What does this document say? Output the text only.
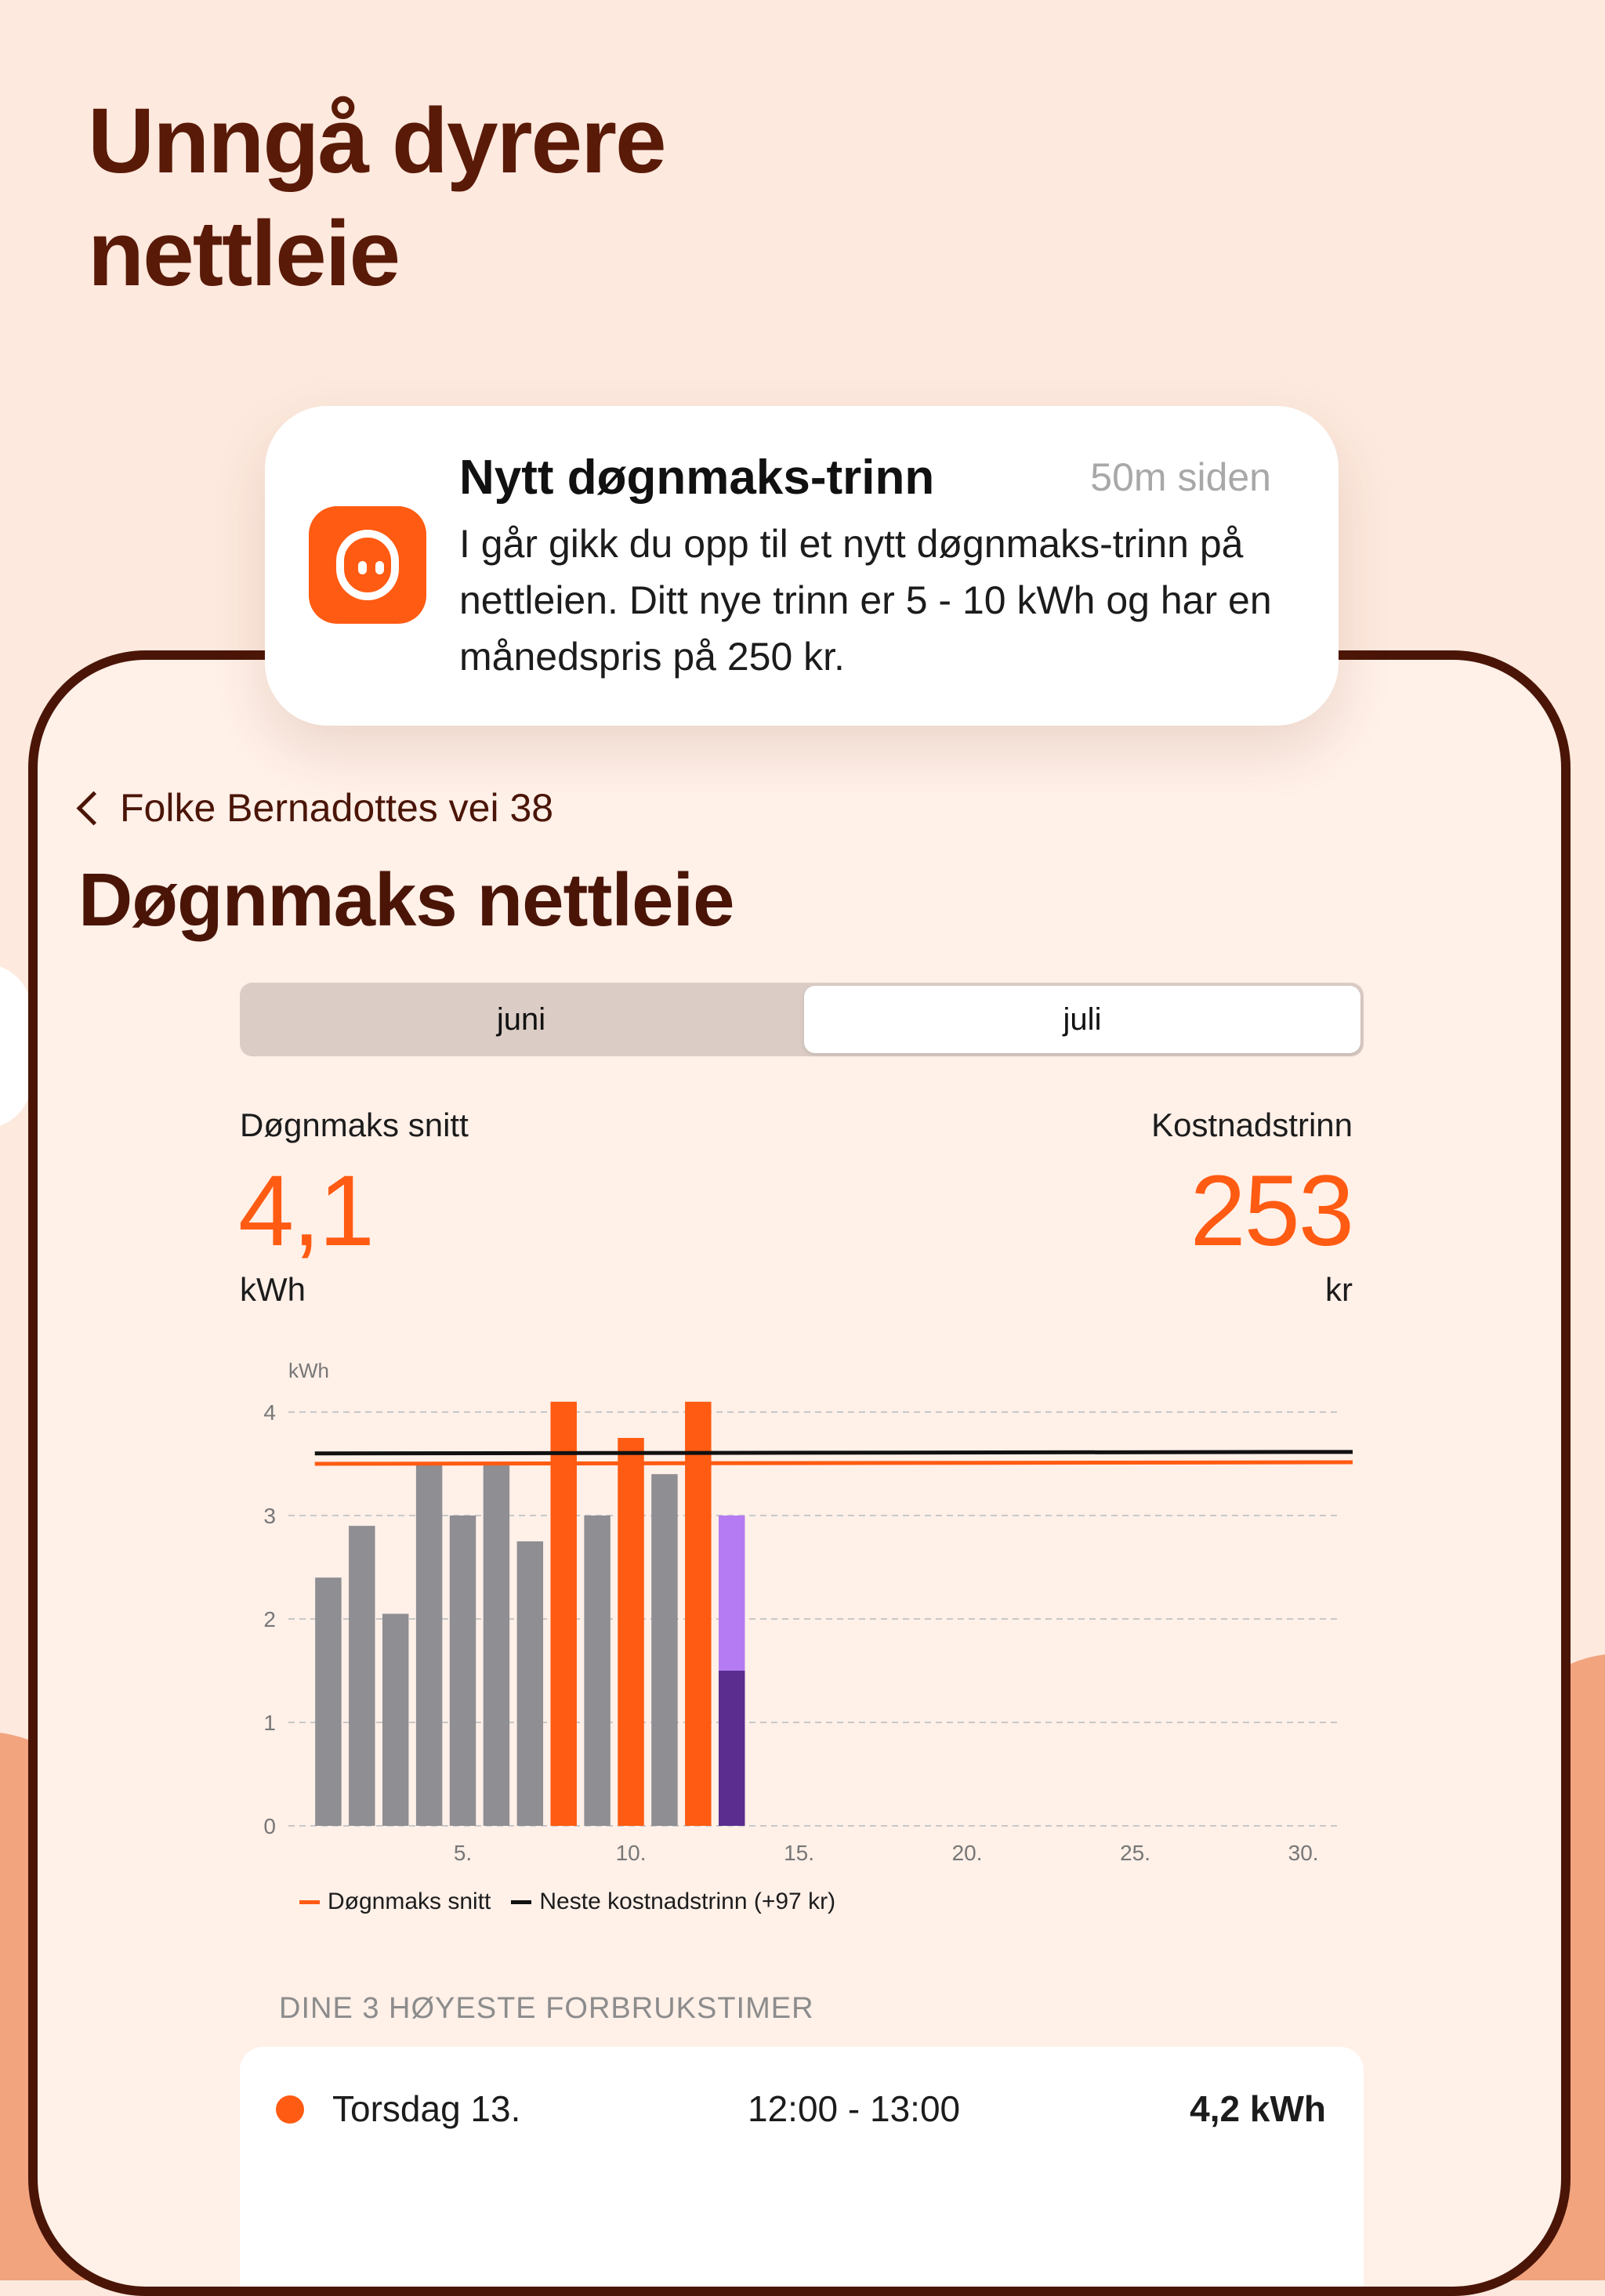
Unngå dyrere
nettleie
Folke Bernadottes vei 38
Døgnmaks nettleie
juni	juli
Døgnmaks snitt
4,1
kWh
Kostnadstrinn
253
kr
kWh
0
1
2
3
4
5.	10.	15.	20.	25.	30.
Døgnmaks snitt Neste kostnadstrinn (+97 kr)
DINE 3 HØYESTE FORBRUKSTIMER
Torsdag 13.	12:00 - 13:00	4,2 kWh
Nytt døgnmaks-trinn	50m siden
I går gikk du opp til et nytt døgnmaks-trinn på nettleien. Ditt nye trinn er 5 - 10 kWh og har en månedspris på 250 kr.
